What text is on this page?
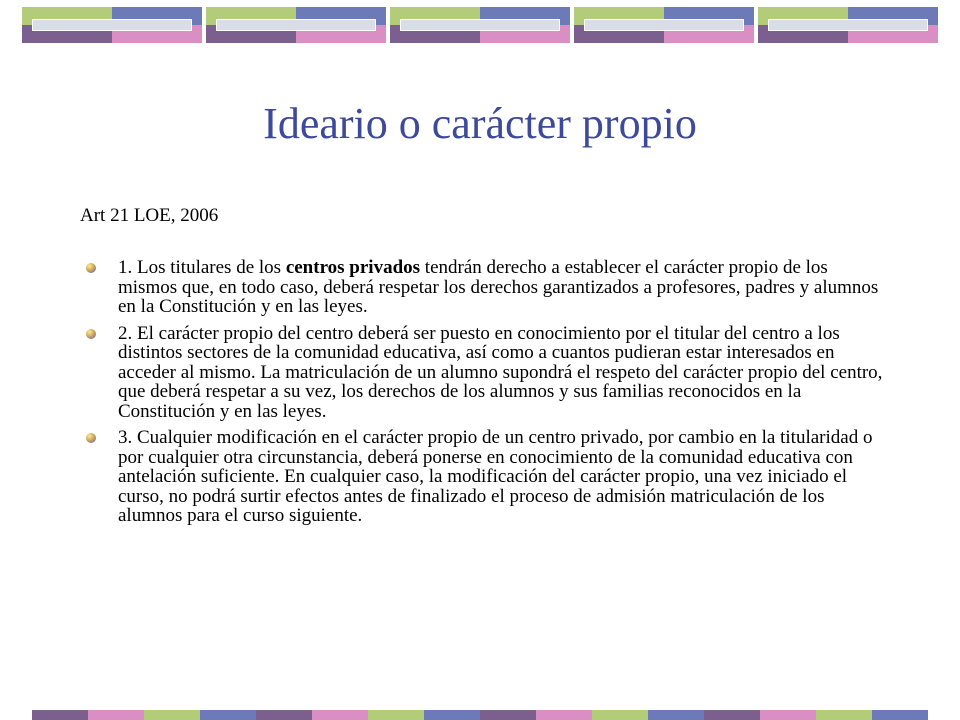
Ideario o carácter propio

Art 21 LOE, 2006

1. Los titulares de los centros privados tendrán derecho a establecer el carácter propio de los mismos que, en todo caso, deberá respetar los derechos garantizados a profesores, padres y alumnos en la Constitución y en las leyes.
2. El carácter propio del centro deberá ser puesto en conocimiento por el titular del centro a los distintos sectores de la comunidad educativa, así como a cuantos pudieran estar interesados en acceder al mismo. La matriculación de un alumno supondrá el respeto del carácter propio del centro, que deberá respetar a su vez, los derechos de los alumnos y sus familias reconocidos en la Constitución y en las leyes.
3. Cualquier modificación en el carácter propio de un centro privado, por cambio en la titularidad o por cualquier otra circunstancia, deberá ponerse en conocimiento de la comunidad educativa con antelación suficiente. En cualquier caso, la modificación del carácter propio, una vez iniciado el curso, no podrá surtir efectos antes de finalizado el proceso de admisión matriculación de los alumnos para el curso siguiente.
